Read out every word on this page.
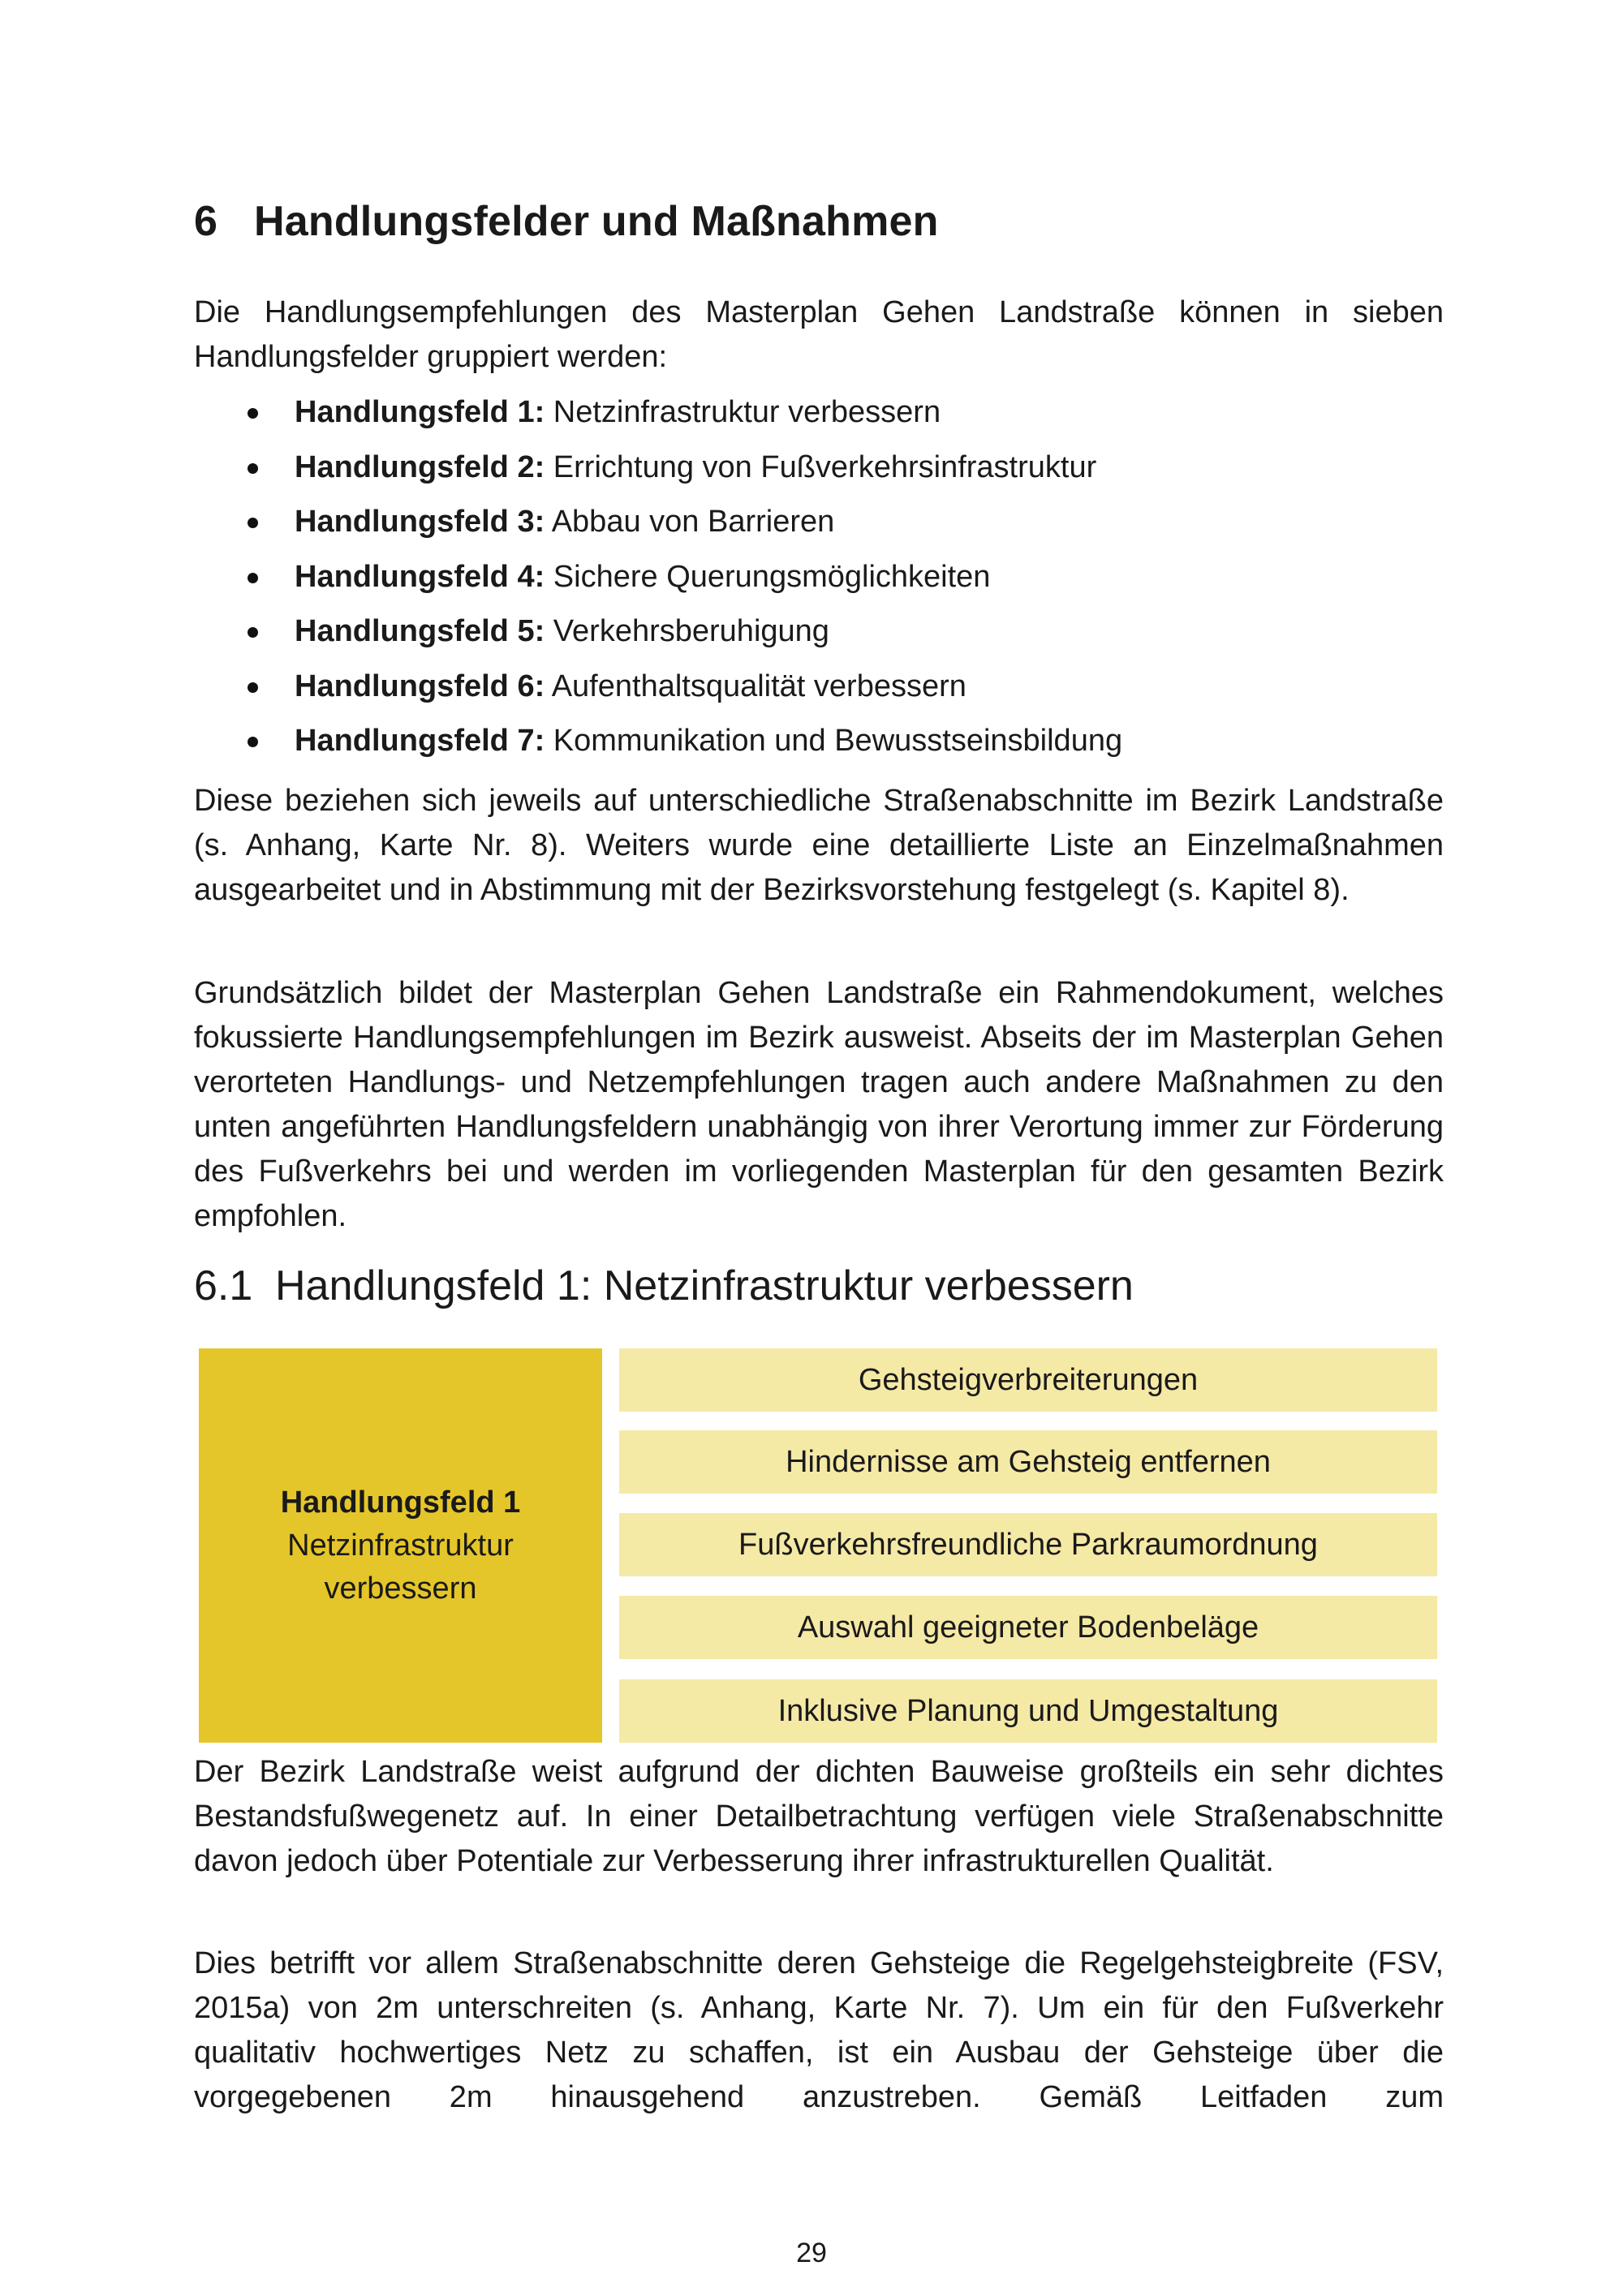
6 Handlungsfelder und Maßnahmen

Die Handlungsempfehlungen des Masterplan Gehen Landstraße können in sieben Handlungsfelder gruppiert werden:

Handlungsfeld 1: Netzinfrastruktur verbessern
Handlungsfeld 2: Errichtung von Fußverkehrsinfrastruktur
Handlungsfeld 3: Abbau von Barrieren
Handlungsfeld 4: Sichere Querungsmöglichkeiten
Handlungsfeld 5: Verkehrsberuhigung
Handlungsfeld 6: Aufenthaltsqualität verbessern
Handlungsfeld 7: Kommunikation und Bewusstseinsbildung

Diese beziehen sich jeweils auf unterschiedliche Straßenabschnitte im Bezirk Landstraße (s. Anhang, Karte Nr. 8). Weiters wurde eine detaillierte Liste an Einzelmaßnahmen ausgearbeitet und in Abstimmung mit der Bezirksvorstehung festgelegt (s. Kapitel 8).

Grundsätzlich bildet der Masterplan Gehen Landstraße ein Rahmendokument, welches fokussierte Handlungsempfehlungen im Bezirk ausweist. Abseits der im Masterplan Gehen verorteten Handlungs- und Netzempfehlungen tragen auch andere Maßnahmen zu den unten angeführten Handlungsfeldern unabhängig von ihrer Verortung immer zur Förderung des Fußverkehrs bei und werden im vorliegenden Masterplan für den gesamten Bezirk empfohlen.

6.1 Handlungsfeld 1: Netzinfrastruktur verbessern
Handlungsfeld 1
Netzinfrastruktur
verbessern
Gehsteigverbreiterungen
Hindernisse am Gehsteig entfernen
Fußverkehrsfreundliche Parkraumordnung
Auswahl geeigneter Bodenbeläge
Inklusive Planung und Umgestaltung

Der Bezirk Landstraße weist aufgrund der dichten Bauweise großteils ein sehr dichtes Bestandsfußwegenetz auf. In einer Detailbetrachtung verfügen viele Straßenabschnitte davon jedoch über Potentiale zur Verbesserung ihrer infrastrukturellen Qualität.

Dies betrifft vor allem Straßenabschnitte deren Gehsteige die Regelgehsteigbreite (FSV, 2015a) von 2m unterschreiten (s. Anhang, Karte Nr. 7). Um ein für den Fußverkehr qualitativ hochwertiges Netz zu schaffen, ist ein Ausbau der Gehsteige über die vorgegebenen 2m hinausgehend anzustreben. Gemäß Leitfaden zum

29
